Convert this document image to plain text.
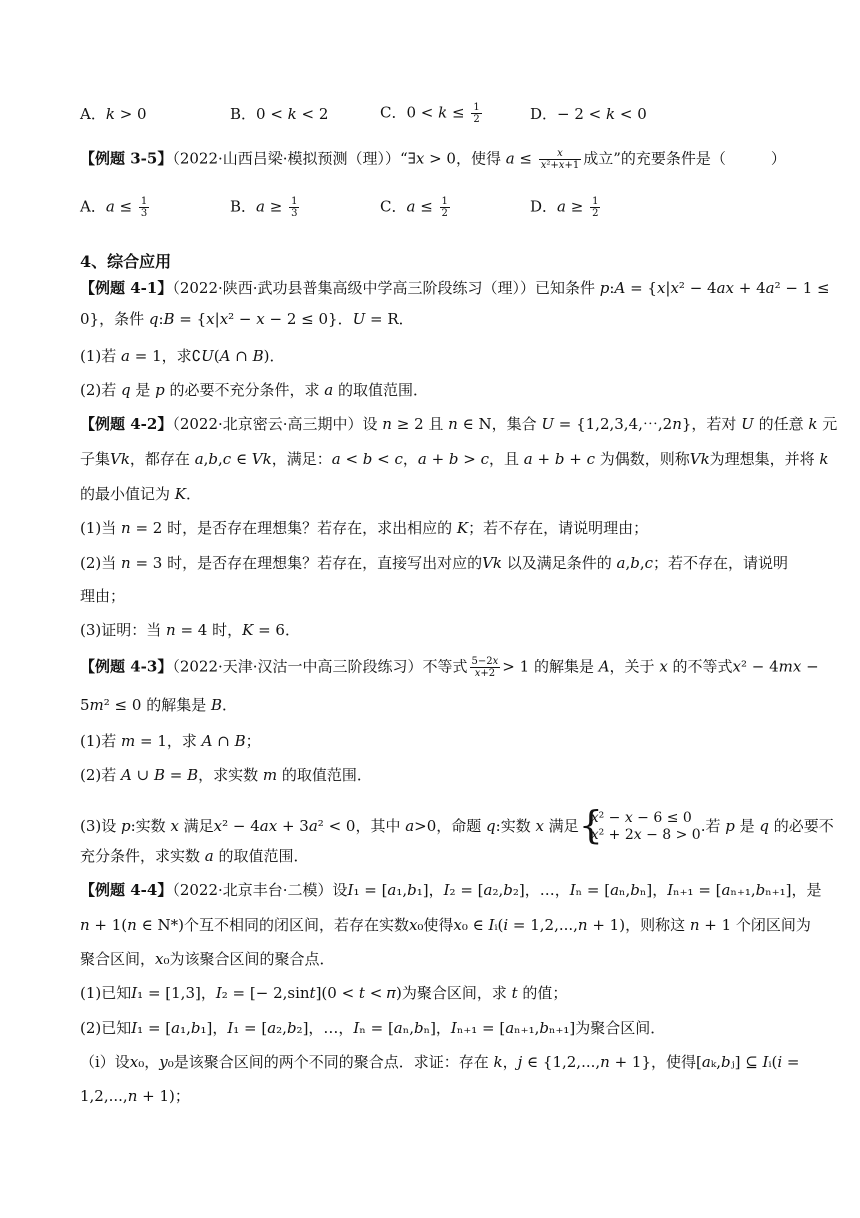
A．𝑘 > 0	B．0 < 𝑘 < 2	C．0 < 𝑘 ≤ $\frac{1}{2}$	D．− 2 < 𝑘 < 0
【例题 3-5】（2022·山西吕梁·模拟预测（理））“∃𝑥 > 0，使得 𝑎 ≤ $\frac{\text{𝑥}}{\text{𝑥²+𝑥+1}}$ 成立”的充要条件是（　　　）
A．𝑎 ≤ $\frac{1}{3}$	B．𝑎 ≥ $\frac{1}{3}$	C．𝑎 ≤ $\frac{1}{2}$	D．𝑎 ≥ $\frac{1}{2}$
4、综合应用
【例题 4-1】（2022·陕西·武功县普集高级中学高三阶段练习（理））已知条件 𝑝:𝐴 = {𝑥|𝑥² − 4𝑎𝑥 + 4𝑎² − 1 ≤
0}，条件 𝑞:𝐵 = {𝑥|𝑥² − 𝑥 − 2 ≤ 0}．𝑈 = R．
(1)若 𝑎 = 1，求∁𝑈(𝐴 ∩ 𝐵)．
(2)若 𝑞 是 𝑝 的必要不充分条件，求 𝑎 的取值范围．
【例题 4-2】（2022·北京密云·高三期中）设 𝑛 ≥ 2 且 𝑛 ∈ N，集合 𝑈 = {1,2,3,4,⋯,2𝑛}，若对 𝑈 的任意 𝑘 元
子集𝑉𝑘，都存在 𝑎,𝑏,𝑐 ∈ 𝑉𝑘，满足：𝑎 < 𝑏 < 𝑐，𝑎 + 𝑏 > 𝑐，且 𝑎 + 𝑏 + 𝑐 为偶数，则称𝑉𝑘为理想集，并将 𝑘
的最小值记为 𝐾．
(1)当 𝑛 = 2 时，是否存在理想集？若存在，求出相应的 𝐾；若不存在，请说明理由；
(2)当 𝑛 = 3 时，是否存在理想集？若存在，直接写出对应的𝑉𝑘 以及满足条件的 𝑎,𝑏,𝑐；若不存在，请说明
理由；
(3)证明：当 𝑛 = 4 时，𝐾 = 6．
【例题 4-3】（2022·天津·汉沽一中高三阶段练习）不等式 $\frac{\text{5−2𝑥}}{\text{𝑥+2}} > 1$ 的解集是 𝐴，关于 𝑥 的不等式𝑥² − 4𝑚𝑥 −
5𝑚² ≤ 0 的解集是 𝐵．
(1)若 𝑚 = 1，求 𝐴 ∩ 𝐵；
(2)若 𝐴 ∪ 𝐵 = 𝐵，求实数 𝑚 的取值范围．
(3)设 𝑝:实数 𝑥 满足𝑥² − 4𝑎𝑥 + 3𝑎² < 0，其中 𝑎>0，命题 𝑞:实数 𝑥 满足
{ 𝑥² − 𝑥 − 6 ≤ 0
𝑥² + 2𝑥 − 8 > 0 .若 𝑝 是 𝑞 的必要不
充分条件，求实数 𝑎 的取值范围．
【例题 4-4】（2022·北京丰台·二模）设𝐼₁ = [𝑎₁,𝑏₁]，𝐼₂ = [𝑎₂,𝑏₂]，…，𝐼ₙ = [𝑎ₙ,𝑏ₙ]，𝐼ₙ₊₁ = [𝑎ₙ₊₁,𝑏ₙ₊₁]，是
𝑛 + 1(𝑛 ∈ N*)个互不相同的闭区间，若存在实数𝑥₀使得𝑥₀ ∈ 𝐼ᵢ(𝑖 = 1,2,...,𝑛 + 1)，则称这 𝑛 + 1 个闭区间为
聚合区间，𝑥₀为该聚合区间的聚合点．
(1)已知𝐼₁ = [1,3]，𝐼₂ = [− 2,sin𝑡](0 < 𝑡 < 𝜋)为聚合区间，求 𝑡 的值；
(2)已知𝐼₁ = [𝑎₁,𝑏₁]，𝐼₁ = [𝑎₂,𝑏₂]，…，𝐼ₙ = [𝑎ₙ,𝑏ₙ]，𝐼ₙ₊₁ = [𝑎ₙ₊₁,𝑏ₙ₊₁]为聚合区间．
（ⅰ）设𝑥₀，𝑦₀是该聚合区间的两个不同的聚合点．求证：存在 𝑘，𝑗 ∈ {1,2,...,𝑛 + 1}，使得[𝑎ₖ,𝑏ⱼ] ⊆ 𝐼ᵢ(𝑖 =
1,2,...,𝑛 + 1)；
